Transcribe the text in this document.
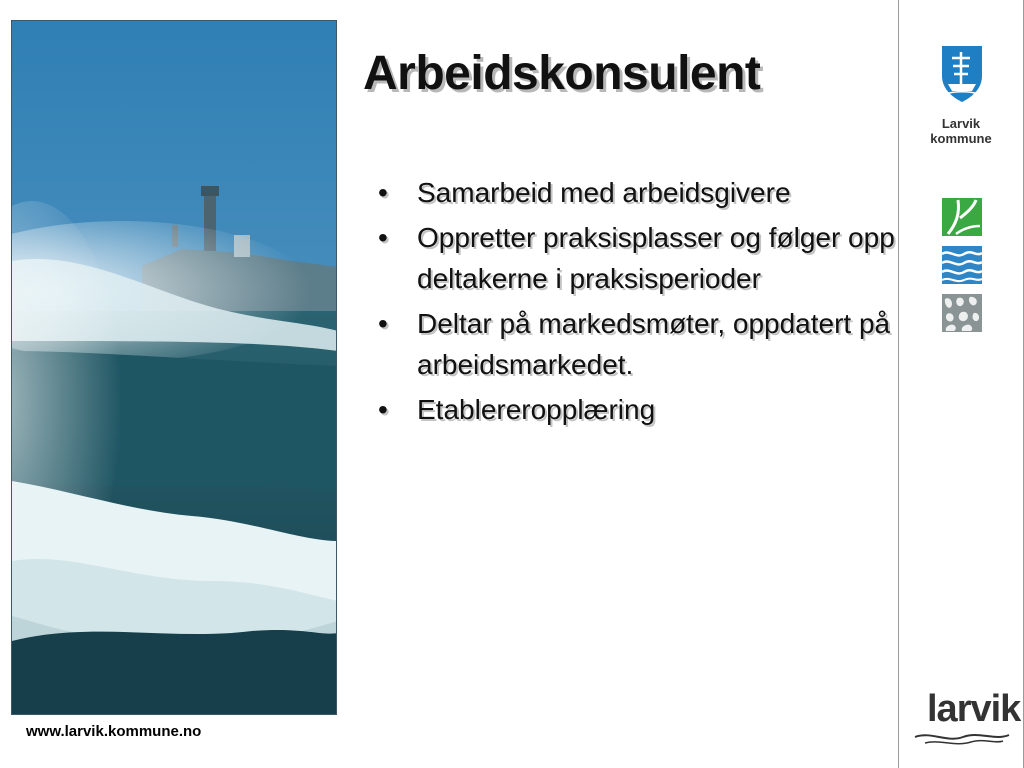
www.larvik.kommune.no
Arbeidskonsulent
• Samarbeid med arbeidsgivere
• Oppretter praksisplasser og følger opp deltakerne i praksisperioder
• Deltar på markedsmøter, oppdatert på arbeidsmarkedet.
• Etablereropplæring
Larvik
kommune
larvik
